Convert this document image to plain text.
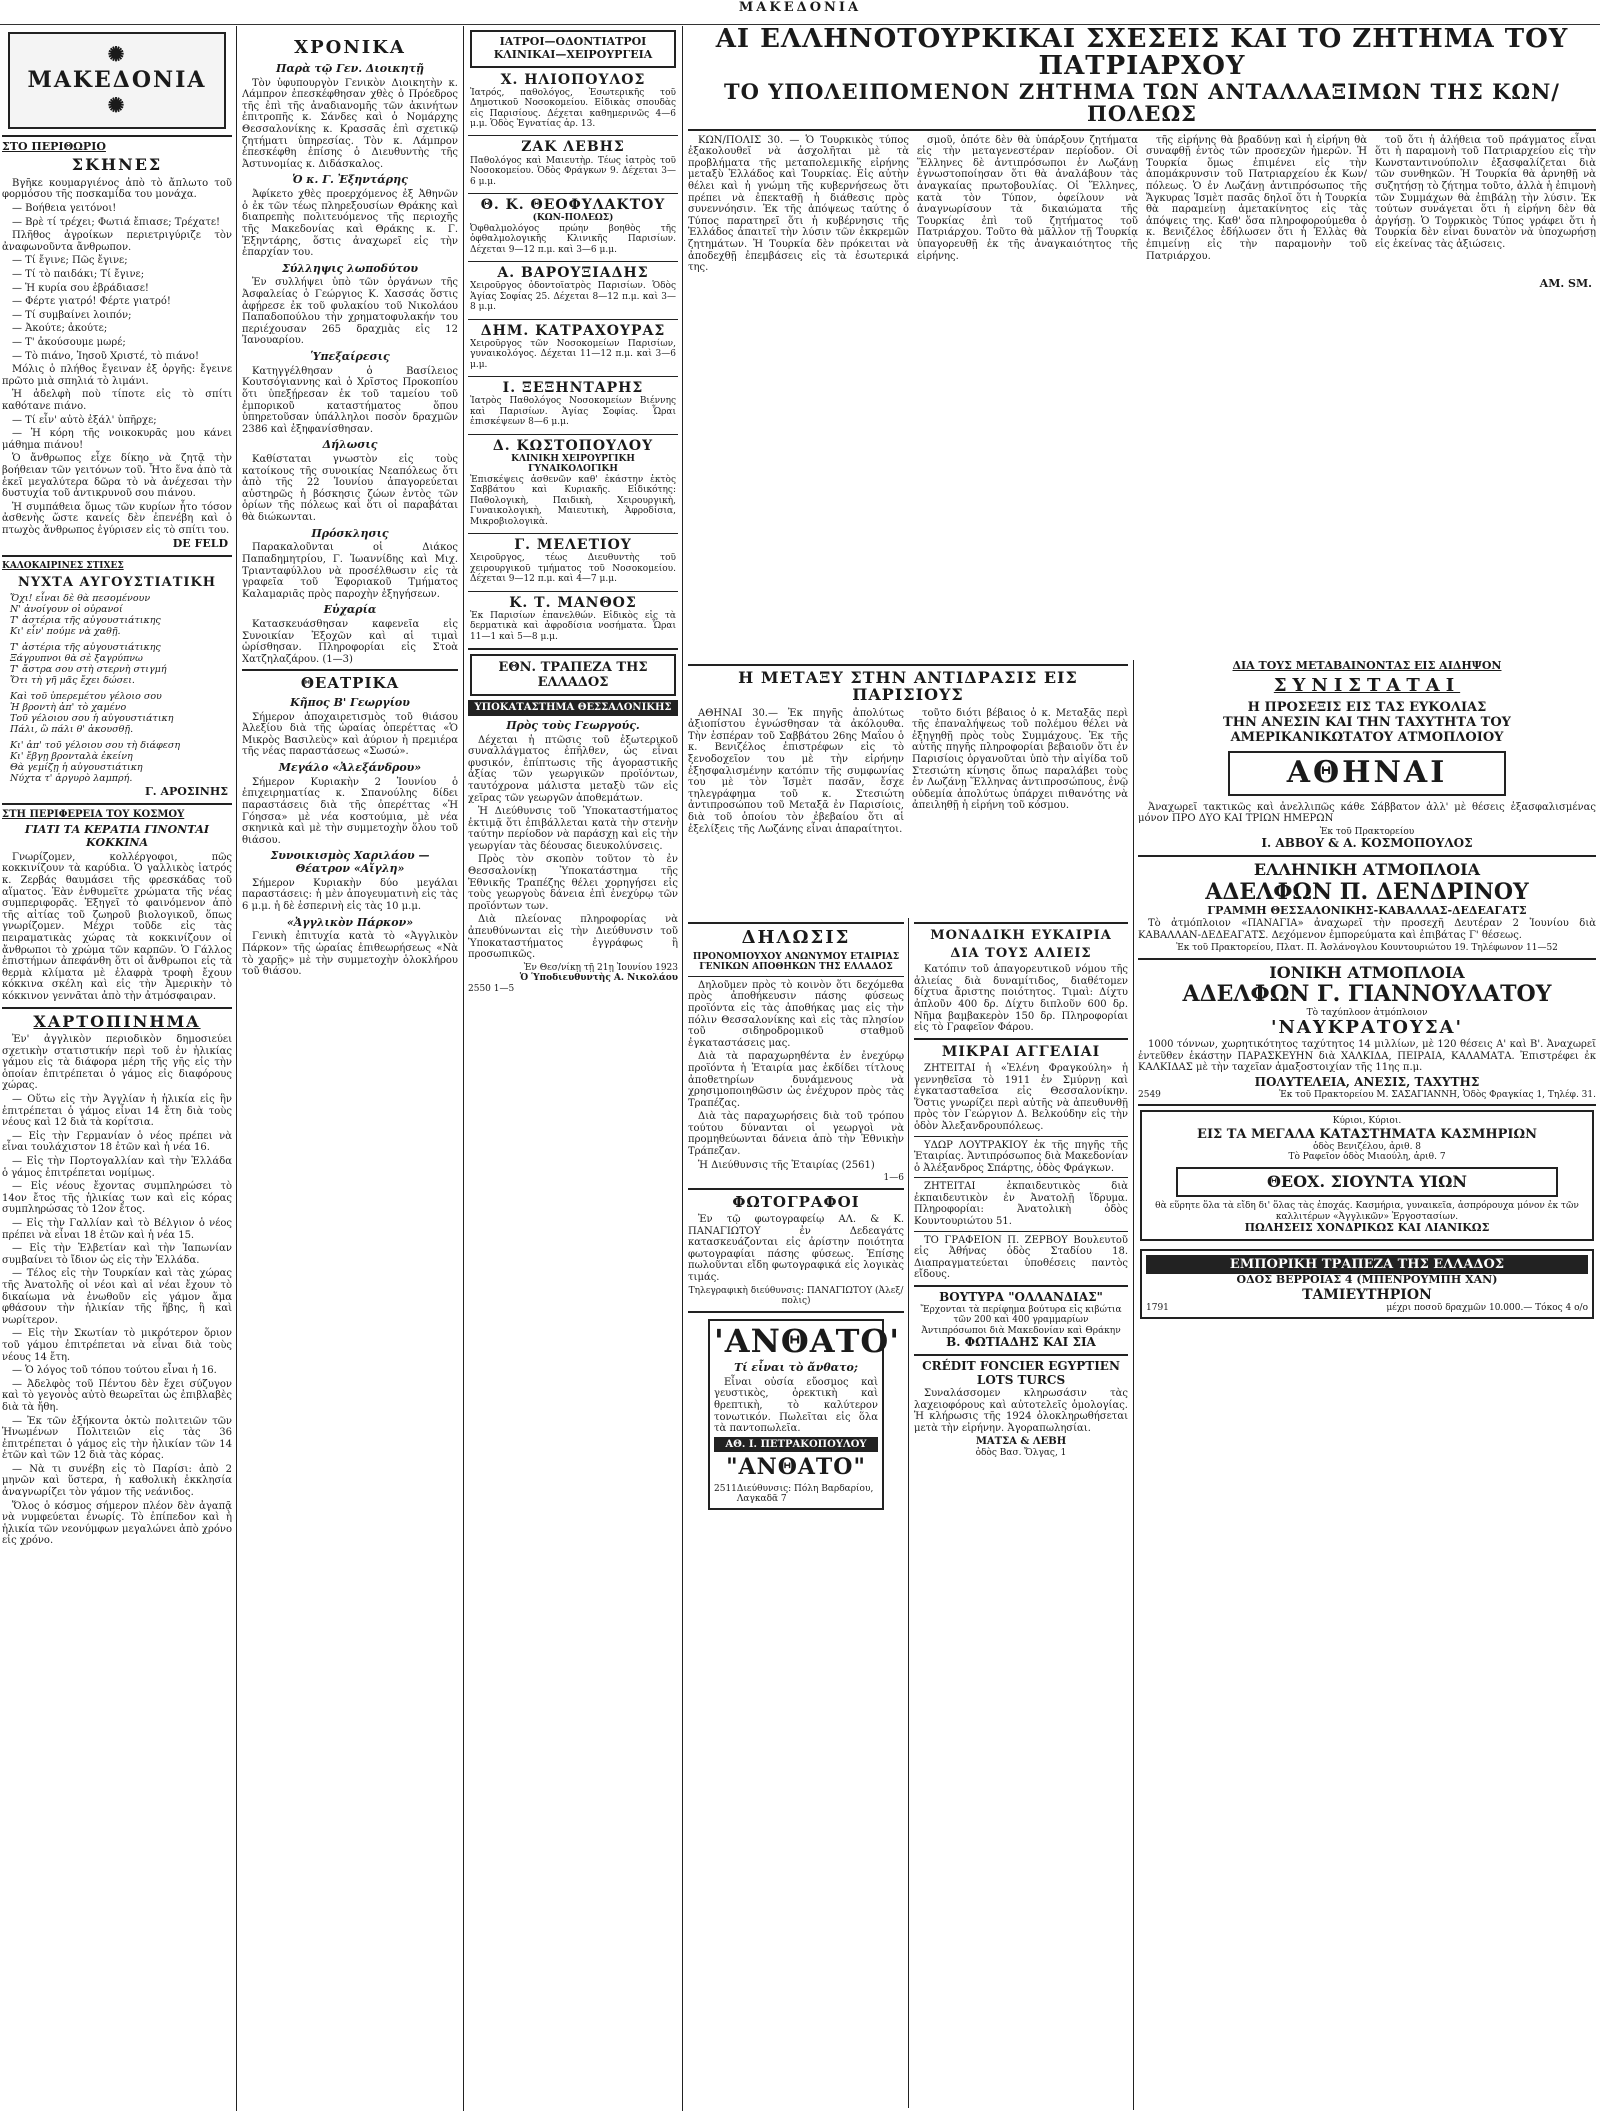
ΜΑΚΕΔΟΝΙΑ
✺ ΜΑΚΕΔΟΝΙΑ ✺
ΣΤΟ ΠΕΡΙΘΩΡΙΟ
ΣΚΗΝΕΣ

Βγῆκε κουμαργιένος ἀπὸ τὸ ἄπλωτο τοῦ φορμόσου τῆς ποσκαμίδα του μονάχα.

— Βοήθεια γειτόνοι!

— Βρὲ τί τρέχει; Φωτιά ἔπιασε; Τρέχατε!

Πλῆθος ἀγροίκων περιετριγύριζε τὸν ἀναφωνοῦντα ἄνθρωπον.

— Τί ἔγινε; Πῶς ἔγινε;

— Τί τὸ παιδάκι; Τί ἔγινε;

— Ἡ κυρία σου ἐβράδιασε!

— Φέρτε γιατρό! Φέρτε γιατρό!

— Τί συμβαίνει λοιπόν;

— Ἀκούτε; ἀκούτε;

— Τ' ἀκούσουμε μωρέ;

— Τὸ πιάνο, Ἰησοῦ Χριστέ, τὸ πιάνο!

Μόλις ὁ πλήθος ἔγειναν ἐξ ὀργῆς: ἔγεινε πρῶτο μιὰ σπηλιά τὸ λιμάνι.

Ἡ ἀδελφὴ ποὺ τίποτε εἰς τὸ σπίτι καθότανε πιάνο.

— Τί εἶν' αὐτὸ ἐξάλ' ὑπῆρχε;

— Ἡ κόρη τῆς νοικοκυρᾶς μου κάνει μάθημα πιάνου!

Ὁ ἄνθρωπος εἶχε δίκηο νὰ ζητᾷ τὴν βοήθειαν τῶν γειτόνων τοῦ. Ἦτο ἕνα ἀπὸ τὰ ἐκεῖ μεγαλύτερα δῶρα τὸ νὰ ἀνέχεσαι τὴν δυστυχία τοῦ ἀντικρυνοῦ σου πιάνου.

Ἡ συμπάθεια ὅμως τῶν κυρίων ἦτο τόσον ἀσθενὴς ὥστε κανείς δὲν ἐπενέβη καὶ ὁ πτωχὸς ἄνθρωπος ἐγύρισεν εἰς τὸ σπίτι του.

DE FELD
ΚΑΛΟΚΑΙΡΙΝΕΣ ΣΤΙΧΕΣ
ΝΥΧΤΑ ΑΥΓΟΥΣΤΙΑΤΙΚΗ
Ὅχι! εἶναι δὲ θὰ πεσομένουν
Ν' ἀνοίγουν οἱ οὐρανοί
Τ' ἀστέρια τῆς αὐγουστιάτικης
Κι' εἶν' πούμε νὰ χαθῇ.
Τ' ἀστέρια τῆς αὐγουστιάτικης
Ξάγρυπνοι θὰ σὲ ξαγρύπνω
Τ' ἄστρα σου στὴ στερνὴ στιγμή
Ὅτι τὴ γῆ μᾶς ἔχει δώσει.
Καὶ τοῦ ὑπερεμέτου γέλοιο σου
Ἡ βροντὴ ἀπ' τὸ χαμένο
Τοῦ γέλοιου σου ἡ αὐγουστιάτικη
Πάλι, ὢ πάλι θ' ἀκουσθῇ.
Κι' ἀπ' τοῦ γέλοιου σου τὴ διάφεση
Κι' ἔβγῃ βρονταλὰ ἐκείνη
Θὰ γεμίζῃ ἡ αὐγουστιάτικη
Νύχτα τ' ἀργυρὸ λαμπρή.
Γ. ΑΡΟΣΙΝΗΣ
ΣΤΗ ΠΕΡΙΦΕΡΕΙΑ ΤΟΥ ΚΟΣΜΟΥ
ΓΙΑΤΙ ΤΑ ΚΕΡΑΤΙΑ ΓΙΝΟΝΤΑΙ ΚΟΚΚΙΝΑ

Γνωρίζομεν, κολλέργοφοι, πῶς κοκκινίζουν τὰ καρύδια. Ὁ γαλλικὸς ἰατρός κ. Ζερβάς θαυμάσει τῆς φρεσκάδας τοῦ αἵματος. Ἐὰν ἐνθυμεῖτε χρώματα τῆς νέας συμπεριφορᾶς. Ἐξηγεῖ τὸ φαινόμενον ἀπὸ τῆς αἰτίας τοῦ ζωηροῦ βιολογικοῦ, ὅπως γνωρίζομεν. Μέχρι τοῦδε εἰς τὰς πειραματικὰς χώρας τὰ κοκκινίζουν οἱ ἄνθρωποι τὸ χρώμα τῶν καρπῶν. Ὁ Γάλλος ἐπιστήμων ἀπεφάνθη ὅτι οἱ ἄνθρωποι εἰς τὰ θερμὰ κλίματα μὲ ἐλαφρὰ τροφὴ ἔχουν κόκκινα σκέλη καὶ εἰς τὴν Ἀμερικὴν τὸ κόκκινον γεννᾶται ἀπὸ τὴν ἀτμόσφαιραν.

ΧΑΡΤΟΠΙΝΗΜΑ

Ἐν' ἀγγλικὸν περιοδικὸν δημοσιεύει σχετικὴν στατιστικήν περὶ τοῦ ἐν ἡλικίας γάμου εἰς τὰ διάφορα μέρη τῆς γῆς εἰς τὴν ὁποίαν ἐπιτρέπεται ὁ γάμος εἰς διαφόρους χώρας.

— Οὕτω εἰς τὴν Ἀγγλίαν ἡ ἡλικία εἰς ἣν ἐπιτρέπεται ὁ γάμος εἶναι 14 ἔτη διὰ τοὺς νέους καὶ 12 διὰ τὰ κορίτσια.

— Εἰς τὴν Γερμανίαν ὁ νέος πρέπει νὰ εἶναι τουλάχιστον 18 ἐτῶν καὶ ἡ νέα 16.

— Εἰς τὴν Πορτογαλλίαν καὶ τὴν Ἑλλάδα ὁ γάμος ἐπιτρέπεται νομίμως.

— Εἰς νέους ἔχοντας συμπληρώσει τὸ 14ον ἔτος τῆς ἡλικίας των καὶ εἰς κόρας συμπληρώσας τὸ 12ον ἔτος.

— Εἰς τὴν Γαλλίαν καὶ τὸ Βέλγιον ὁ νέος πρέπει νὰ εἶναι 18 ἐτῶν καὶ ἡ νέα 15.

— Εἰς τὴν Ἑλβετίαν καὶ τὴν Ἰαπωνίαν συμβαίνει τὸ ἴδιον ὡς εἰς τὴν Ἑλλάδα.

— Τέλος εἰς τὴν Τουρκίαν καὶ τὰς χώρας τῆς Ἀνατολῆς οἱ νέοι καὶ αἱ νέαι ἔχουν τὸ δικαίωμα νὰ ἐνωθοῦν εἰς γάμον ἅμα φθάσουν τὴν ἡλικίαν τῆς ἥβης, ἢ καὶ νωρίτερον.

— Εἰς τὴν Σκωτίαν τὸ μικρότερον ὅριον τοῦ γάμου ἐπιτρέπεται νὰ εἶναι διὰ τοὺς νέους 14 ἔτη.

— Ὁ λόγος τοῦ τόπου τούτου εἶναι ἡ 16.

— Ἀδελφὸς τοῦ Πέντου δὲν ἔχει σύζυγον καὶ τὸ γεγονὸς αὐτὸ θεωρεῖται ὡς ἐπιβλαβὲς διὰ τὰ ἤθη.

— Ἐκ τῶν ἐξήκοντα ὀκτὼ πολιτειῶν τῶν Ἡνωμένων Πολιτειῶν εἰς τὰς 36 ἐπιτρέπεται ὁ γάμος εἰς τὴν ἡλικίαν τῶν 14 ἐτῶν καὶ τῶν 12 διὰ τὰς κόρας.

— Νὰ τι συνέβη εἰς τὸ Παρίσι: ἀπὸ 2 μηνῶν καὶ ὕστερα, ἡ καθολικὴ ἐκκλησία ἀναγνωρίζει τὸν γάμον τῆς νεάνιδος.

Ὅλος ὁ κόσμος σήμερον πλέον δὲν ἀγαπᾷ νὰ νυμφεύεται ἐνωρίς. Τὸ ἐπίπεδον καὶ ἡ ἡλικία τῶν νεονύμφων μεγαλώνει ἀπὸ χρόνο εἰς χρόνο.

ΧΡΟΝΙΚΑ
Παρὰ τῷ Γεν. Διοικητῇ

Τὸν ὑφυπουργὸν Γενικὸν Διοικητὴν κ. Λάμπρον ἐπεσκέφθησαν χθὲς ὁ Πρόεδρος τῆς ἐπὶ τῆς ἀναδιανομῆς τῶν ἀκινήτων ἐπιτροπῆς κ. Σάνδες καὶ ὁ Νομάρχης Θεσσαλονίκης κ. Κρασσᾶς ἐπὶ σχετικῷ ζητήματι ὑπηρεσίας. Τὸν κ. Λάμπρον ἐπεσκέφθη ἐπίσης ὁ Διευθυντὴς τῆς Ἀστυνομίας κ. Διδάσκαλος.

Ὁ κ. Γ. Ἐξηντάρης

Ἀφίκετο χθὲς προερχόμενος ἐξ Ἀθηνῶν ὁ ἐκ τῶν τέως πληρεξουσίων Θράκης καὶ διαπρεπὴς πολιτευόμενος τῆς περιοχῆς τῆς Μακεδονίας καὶ Θράκης κ. Γ. Ἐξηντάρης, ὅστις ἀναχωρεῖ εἰς τὴν ἐπαρχίαν του.

Σύλληψις λωποδύτου

Ἐν συλλήψει ὑπὸ τῶν ὀργάνων τῆς Ἀσφαλείας ὁ Γεώργιος Κ. Χασσάς ὅστις ἀφῄρεσε ἐκ τοῦ φυλακίου τοῦ Νικολάου Παπαδοπούλου τὴν χρηματοφυλακήν του περιέχουσαν 265 δραχμὰς εἰς 12 Ἰανουαρίου.

Ὑπεξαίρεσις

Κατηγγέλθησαν ὁ Βασίλειος Κουτσόγιαννης καὶ ὁ Χρῖστος Προκοπίου ὅτι ὑπεξῄρεσαν ἐκ τοῦ ταμείου τοῦ ἐμπορικοῦ καταστήματος ὅπου ὑπηρετοῦσαν ὑπάλληλοι ποσὸν δραχμῶν 2386 καὶ ἐξηφανίσθησαν.

Δήλωσις

Καθίσταται γνωστὸν εἰς τοὺς κατοίκους τῆς συνοικίας Νεαπόλεως ὅτι ἀπὸ τῆς 22 Ἰουνίου ἀπαγορεύεται αὐστηρῶς ἡ βόσκησις ζώων ἐντὸς τῶν ὁρίων τῆς πόλεως καὶ ὅτι οἱ παραβάται θὰ διώκωνται.

Πρόσκλησις

Παρακαλοῦνται οἱ Διάκος Παπαδημητρίου, Γ. Ἰωαννίδης καὶ Μιχ. Τριανταφύλλου νὰ προσέλθωσιν εἰς τὰ γραφεῖα τοῦ Ἐφοριακοῦ Τμήματος Καλαμαριᾶς πρὸς παροχὴν ἐξηγήσεων.

Εὐχαρία

Κατασκευάσθησαν καφενεῖα εἰς Συνοικίαν Ἐξοχῶν καὶ αἱ τιμαὶ ὡρίσθησαν. Πληροφορίαι εἰς Στοὰ Χατζηλαζάρου. (1—3)

ΘΕΑΤΡΙΚΑ
Κῆπος Β' Γεωργίου

Σήμερον ἀποχαιρετισμὸς τοῦ θιάσου Ἀλεξίου διὰ τῆς ὡραίας ὀπερέττας «Ὁ Μικρὸς Βασιλεὺς» καὶ ἀύριον ἡ πρεμιέρα τῆς νέας παραστάσεως «Σωσώ».

Μεγάλο «Ἀλεξάνδρου»

Σήμερον Κυριακὴν 2 Ἰουνίου ὁ ἐπιχειρηματίας κ. Σπανούλης δίδει παραστάσεις διὰ τῆς ὀπερέττας «Ἡ Γόησσα» μὲ νέα κοστούμια, μὲ νέα σκηνικὰ καὶ μὲ τὴν συμμετοχὴν ὅλου τοῦ θιάσου.

Συνοικισμὸς Χαριλάου — Θέατρον «Αἴγλη»

Σήμερον Κυριακὴν δύο μεγάλαι παραστάσεις: ἡ μὲν ἀπογευματινὴ εἰς τὰς 6 μ.μ. ἡ δὲ ἑσπερινὴ εἰς τὰς 10 μ.μ.

«Ἀγγλικὸν Πάρκον»

Γενικὴ ἐπιτυχία κατὰ τὸ «Ἀγγλικὸν Πάρκον» τῆς ὡραίας ἐπιθεωρήσεως «Νὰ τὸ χαρῇς» μὲ τὴν συμμετοχὴν ὁλοκλήρου τοῦ θιάσου.

ΙΑΤΡΟΙ—ΟΔΟΝΤΙΑΤΡΟΙ ΚΛΙΝΙΚΑΙ—ΧΕΙΡΟΥΡΓΕΙΑ
Χ. ΗΛΙΟΠΟΥΛΟΣ
Ἰατρός, παθολόγος, Ἐσωτερικῆς τοῦ Δημοτικοῦ Νοσοκομείου. Εἰδικὰς σπουδὰς εἰς Παρισίους. Δέχεται καθημερινῶς 4—6 μ.μ. Ὁδὸς Ἐγνατίας ἀρ. 13.
ΖΑΚ ΛΕΒΗΣ
Παθολόγος καὶ Μαιευτὴρ. Τέως ἰατρὸς τοῦ Νοσοκομείου. Ὁδὸς Φράγκων 9. Δέχεται 3—6 μ.μ.
Θ. Κ. ΘΕΟΦΥΛΑΚΤΟΥ
(ΚΩΝ-ΠΟΛΕΩΣ)
Ὀφθαλμολόγος πρώην βοηθὸς τῆς ὀφθαλμολογικῆς Κλινικῆς Παρισίων. Δέχεται 9—12 π.μ. καὶ 3—6 μ.μ.
Α. ΒΑΡΟΥΞΙΑΔΗΣ
Χειροῦργος ὀδοντοϊατρὸς Παρισίων. Ὁδὸς Ἁγίας Σοφίας 25. Δέχεται 8—12 π.μ. καὶ 3—8 μ.μ.
ΔΗΜ. ΚΑΤΡΑΧΟΥΡΑΣ
Χειροῦργος τῶν Νοσοκομείων Παρισίων, γυναικολόγος. Δέχεται 11—12 π.μ. καὶ 3—6 μ.μ.
Ι. ΞΕΞΗΝΤΑΡΗΣ
Ἰατρὸς Παθολόγος Νοσοκομείων Βιέννης καὶ Παρισίων. Ἁγίας Σοφίας. Ὧραι ἐπισκέψεων 8—6 μ.μ.
Δ. ΚΩΣΤΟΠΟΥΛΟΥ
ΚΛΙΝΙΚΗ ΧΕΙΡΟΥΡΓΙΚΗ ΓΥΝΑΙΚΟΛΟΓΙΚΗ
Ἐπισκέψεις ἀσθενῶν καθ' ἑκάστην ἐκτὸς Σαββάτου καὶ Κυριακῆς. Εἰδικότης: Παθολογικὴ, Παιδικὴ, Χειρουργικὴ, Γυναικολογικὴ, Μαιευτικὴ, Ἀφροδίσια, Μικροβιολογικὰ.
Γ. ΜΕΛΕΤΙΟΥ
Χειροῦργος, τέως Διευθυντὴς τοῦ χειρουργικοῦ τμήματος τοῦ Νοσοκομείου. Δέχεται 9—12 π.μ. καὶ 4—7 μ.μ.
Κ. Τ. ΜΑΝΘΟΣ
Ἐκ Παρισίων ἐπανελθών. Εἰδικὸς εἰς τὰ δερματικὰ καὶ ἀφροδίσια νοσήματα. Ὧραι 11—1 καὶ 5—8 μ.μ.
ΕΘΝ. ΤΡΑΠΕΖΑ ΤΗΣ ΕΛΛΑΔΟΣ
ΥΠΟΚΑΤΑΣΤΗΜΑ ΘΕΣΣΑΛΟΝΙΚΗΣ
Πρὸς τοὺς Γεωργούς.

Δέχεται ἡ πτῶσις τοῦ ἐξωτερικοῦ συναλλάγματος ἐπῆλθεν, ὡς εἶναι φυσικόν, ἐπίπτωσις τῆς ἀγοραστικῆς ἀξίας τῶν γεωργικῶν προϊόντων, ταυτόχρονα μάλιστα μεταξὺ τῶν εἰς χεῖρας τῶν γεωργῶν ἀποθεμάτων.

Ἡ Διεύθυνσις τοῦ Ὑποκαταστήματος ἐκτιμᾷ ὅτι ἐπιβάλλεται κατὰ τὴν στενὴν ταύτην περίοδον νὰ παράσχῃ καὶ εἰς τὴν γεωργίαν τὰς δέουσας διευκολύνσεις.

Πρὸς τὸν σκοπὸν τοῦτον τὸ ἐν Θεσσαλονίκῃ Ὑποκατάστημα τῆς Ἐθνικῆς Τραπέζης θέλει χορηγήσει εἰς τοὺς γεωργοὺς δάνεια ἐπὶ ἐνεχύρῳ τῶν προϊόντων των.

Διὰ πλείονας πληροφορίας νὰ ἀπευθύνωνται εἰς τὴν Διεύθυνσιν τοῦ Ὑποκαταστήματος ἐγγράφως ἢ προσωπικῶς.

Ἐν Θεσ/νίκῃ τῇ 21ῃ Ἰουνίου 1923
Ὁ Ὑποδιευθυντὴς Α. Νικολάου
2550 1—5
ΑΙ ΕΛΛΗΝΟΤΟΥΡΚΙΚΑΙ ΣΧΕΣΕΙΣ ΚΑΙ ΤΟ ΖΗΤΗΜΑ ΤΟΥ ΠΑΤΡΙΑΡΧΟΥ
ΤΟ ΥΠΟΛΕΙΠΟΜΕΝΟΝ ΖΗΤΗΜΑ ΤΩΝ ΑΝΤΑΛΛΑΞΙΜΩΝ ΤΗΣ ΚΩΝ/ΠΟΛΕΩΣ

ΚΩΝ/ΠΟΛΙΣ 30. — Ὁ Τουρκικὸς τύπος ἐξακολουθεῖ νὰ ἀσχολῆται μὲ τὰ προβλήματα τῆς μεταπολεμικῆς εἰρήνης μεταξὺ Ἑλλάδος καὶ Τουρκίας. Εἰς αὐτὴν θέλει καὶ ἡ γνώμη τῆς κυβερνήσεως ὅτι πρέπει νὰ ἐπεκταθῇ ἡ διάθεσις πρὸς συνεννόησιν. Ἐκ τῆς ἀπόψεως ταύτης ὁ Τύπος παρατηρεῖ ὅτι ἡ κυβέρνησις τῆς Ἑλλάδος ἀπαιτεῖ τὴν λύσιν τῶν ἐκκρεμῶν ζητημάτων. Ἡ Τουρκία δὲν πρόκειται νὰ ἀποδεχθῇ ἐπεμβάσεις εἰς τὰ ἐσωτερικά της.

σμοῦ, ὁπότε δὲν θὰ ὑπάρξουν ζητήματα εἰς τὴν μεταγενεστέραν περίοδον. Οἱ Ἕλληνες δὲ ἀντιπρόσωποι ἐν Λωζάνῃ ἐγνωστοποίησαν ὅτι θὰ ἀναλάβουν τὰς ἀναγκαίας πρωτοβουλίας. Οἱ Ἕλληνες, κατὰ τὸν Τύπον, ὀφείλουν νὰ ἀναγνωρίσουν τὰ δικαιώματα τῆς Τουρκίας ἐπὶ τοῦ ζητήματος τοῦ Πατριάρχου. Τοῦτο θὰ μᾶλλον τῇ Τουρκίᾳ ὑπαγορευθῇ ἐκ τῆς ἀναγκαιότητος τῆς εἰρήνης.

τῆς εἰρήνης θὰ βραδύνῃ καὶ ἡ εἰρήνη θὰ συναφθῇ ἐντὸς τῶν προσεχῶν ἡμερῶν. Ἡ Τουρκία ὅμως ἐπιμένει εἰς τὴν ἀπομάκρυνσιν τοῦ Πατριαρχείου ἐκ Κων/πόλεως. Ὁ ἐν Λωζάνῃ ἀντιπρόσωπος τῆς Ἄγκυρας Ἰσμὲτ πασᾶς δηλοῖ ὅτι ἡ Τουρκία θὰ παραμείνῃ ἀμετακίνητος εἰς τὰς ἀπόψεις της. Καθ' ὅσα πληροφορούμεθα ὁ κ. Βενιζέλος ἐδήλωσεν ὅτι ἡ Ἑλλὰς θὰ ἐπιμείνῃ εἰς τὴν παραμονὴν τοῦ Πατριάρχου.

τοῦ ὅτι ἡ ἀλήθεια τοῦ πράγματος εἶναι ὅτι ἡ παραμονὴ τοῦ Πατριαρχείου εἰς τὴν Κωνσταντινούπολιν ἐξασφαλίζεται διὰ τῶν συνθηκῶν. Ἡ Τουρκία θὰ ἀρνηθῇ νὰ συζητήσῃ τὸ ζήτημα τοῦτο, ἀλλὰ ἡ ἐπιμονὴ τῶν Συμμάχων θὰ ἐπιβάλῃ τὴν λύσιν. Ἐκ τούτων συνάγεται ὅτι ἡ εἰρήνη δὲν θὰ ἀργήσῃ. Ὁ Τουρκικὸς Τύπος γράφει ὅτι ἡ Τουρκία δὲν εἶναι δυνατὸν νὰ ὑποχωρήσῃ εἰς ἐκείνας τὰς ἀξιώσεις.

ΑΜ. SM.
Η ΜΕΤΑΞΥ ΣΤΗΝ ΑΝΤΙΔΡΑΣΙΣ ΕΙΣ ΠΑΡΙΣΙΟΥΣ

ΑΘΗΝΑΙ 30.— Ἐκ πηγῆς ἀπολύτως ἀξιοπίστου ἐγνώσθησαν τὰ ἀκόλουθα. Τὴν ἑσπέραν τοῦ Σαββάτου 26ης Μαΐου ὁ κ. Βενιζέλος ἐπιστρέφων εἰς τὸ ξενοδοχεῖον του μὲ τὴν εἰρήνην ἐξησφαλισμένην κατόπιν τῆς συμφωνίας του μὲ τὸν Ἰσμὲτ πασᾶν, ἔσχε τηλεγράφημα τοῦ κ. Στεσιώτη ἀντιπροσώπου τοῦ Μεταξᾶ ἐν Παρισίοις, διὰ τοῦ ὁποίου τὸν ἐβεβαίου ὅτι αἱ ἐξελίξεις τῆς Λωζάνης εἶναι ἀπαραίτητοι.

τοῦτο διότι βέβαιος ὁ κ. Μεταξᾶς περὶ τῆς ἐπαναλήψεως τοῦ πολέμου θέλει νὰ ἐξηγηθῇ πρὸς τοὺς Συμμάχους. Ἐκ τῆς αὐτῆς πηγῆς πληροφορίαι βεβαιοῦν ὅτι ἐν Παρισίοις ὀργανοῦται ὑπὸ τὴν αἰγίδα τοῦ Στεσιώτη κίνησις ὅπως παραλάβει τοὺς ἐν Λωζάνῃ Ἕλληνας ἀντιπροσώπους, ἐνῷ οὐδεμία ἀπολύτως ὑπάρχει πιθανότης νὰ ἀπειληθῇ ἡ εἰρήνη τοῦ κόσμου.

ΔΗΛΩΣΙΣ
ΠΡΟΝΟΜΙΟΥΧΟΥ ΑΝΩΝΥΜΟΥ ΕΤΑΙΡΙΑΣ ΓΕΝΙΚΩΝ ΑΠΟΘΗΚΩΝ ΤΗΣ ΕΛΛΑΔΟΣ

Δηλοῦμεν πρὸς τὸ κοινὸν ὅτι δεχόμεθα πρὸς ἀποθήκευσιν πάσης φύσεως προϊόντα εἰς τὰς ἀποθήκας μας εἰς τὴν πόλιν Θεσσαλονίκης καὶ εἰς τὰς πλησίον τοῦ σιδηροδρομικοῦ σταθμοῦ ἐγκαταστάσεις μας.

Διὰ τὰ παραχωρηθέντα ἐν ἐνεχύρῳ προϊόντα ἡ Ἑταιρία μας ἐκδίδει τίτλους ἀποθετηρίων δυνάμενους νὰ χρησιμοποιηθῶσιν ὡς ἐνέχυρον πρὸς τὰς Τραπέζας.

Διὰ τὰς παραχωρήσεις διὰ τοῦ τρόπου τούτου δύνανται οἱ γεωργοὶ νὰ προμηθεύωνται δάνεια ἀπὸ τὴν Ἐθνικὴν Τράπεζαν.

Ἡ Διεύθυνσις τῆς Ἑταιρίας (2561)

1—6
ΦΩΤΟΓΡΑΦΟΙ

Ἐν τῷ φωτογραφείῳ ΑΛ. & Κ. ΠΑΝΑΓΙΩΤΟΥ ἐν Δεδεαγάτς κατασκευάζονται εἰς ἀρίστην ποιότητα φωτογραφίαι πάσης φύσεως. Ἐπίσης πωλοῦνται εἴδη φωτογραφικά εἰς λογικὰς τιμάς.

Τηλεγραφικὴ διεύθυνσις: ΠΑΝΑΓΙΩΤΟΥ (Ἀλεξ/πολις)
'ΑΝΘΑΤΟ'
Τί εἶναι τὸ ἄνθατο;

Εἶναι οὐσία εὔοσμος καὶ γευστικὸς, ὀρεκτικὴ καὶ θρεπτικὴ, τὸ καλύτερον τονωτικόν. Πωλεῖται εἰς ὅλα τὰ παντοπωλεῖα.

ΑΘ. Ι. ΠΕΤΡΑΚΟΠΟΥΛΟΥ
"ΑΝΘΑΤΟ"
2511 Διεύθυνσις: Πόλη Βαρδαρίου, Λαγκαδᾶ 7
ΜΟΝΑΔΙΚΗ ΕΥΚΑΙΡΙΑ
ΔΙΑ ΤΟΥΣ ΑΛΙΕΙΣ

Κατόπιν τοῦ ἀπαγορευτικοῦ νόμου τῆς ἁλιείας διὰ δυναμίτιδος, διαθέτομεν δίχτυα ἄριστης ποιότητος. Τιμαὶ: Δίχτυ ἀπλοῦν 400 δρ. Δίχτυ διπλοῦν 600 δρ. Νῆμα βαμβακερὸν 150 δρ. Πληροφορίαι εἰς τὸ Γραφεῖον Φάρου.

ΜΙΚΡΑΙ ΑΓΓΕΛΙΑΙ

ΖΗΤΕΙΤΑΙ ἡ «Ἑλένη Φραγκούλη» ἡ γεννηθεῖσα τὸ 1911 ἐν Σμύρνῃ καὶ ἐγκατασταθεῖσα εἰς Θεσσαλονίκην. Ὅστις γνωρίζει περὶ αὐτῆς νὰ ἀπευθυνθῇ πρὸς τὸν Γεώργιον Δ. Βελκούδην εἰς τὴν ὁδὸν Ἀλεξανδρουπόλεως.

ΥΔΩΡ ΛΟΥΤΡΑΚΙΟΥ ἐκ τῆς πηγῆς τῆς Ἑταιρίας. Ἀντιπρόσωπος διὰ Μακεδονίαν ὁ Ἀλέξανδρος Σπάρτης, ὁδὸς Φράγκων.

ΖΗΤΕΙΤΑΙ ἐκπαιδευτικὸς διὰ ἐκπαιδευτικὸν ἐν Ἀνατολῇ ἵδρυμα. Πληροφορίαι: Ἀνατολικὴ ὁδὸς Κουντουριώτου 51.

ΤΟ ΓΡΑΦΕΙΟΝ Π. ΖΕΡΒΟΥ Βουλευτοῦ εἰς Ἀθήνας ὁδὸς Σταδίου 18. Διαπραγματεύεται ὑποθέσεις παντὸς εἴδους.

ΒΟΥΤΥΡΑ "ΟΛΛΑΝΔΙΑΣ"
Ἔρχονται τὰ περίφημα βούτυρα εἰς κιβώτια τῶν 200 καὶ 400 γραμμαρίων
Ἀντιπρόσωποι διὰ Μακεδονίαν καὶ Θράκην
Β. ΦΩΤΙΑΔΗΣ ΚΑΙ ΣΙΑ
CRÉDIT FONCIER EGYPTIEN
LOTS TURCS

Συναλάσσομεν κληρωσάσιν τὰς λαχειοφόρους καὶ αὐτοτελεῖς ὁμολογίας. Ἡ κλήρωσις τῆς 1924 ὁλοκληρωθήσεται μετὰ τὴν εἰρήνην. Ἀγοραπωλησίαι.

ΜΑΤΣΑ & ΛΕΒΗ
ὁδὸς Βασ. Ὄλγας, 1
ΔΙΑ ΤΟΥΣ ΜΕΤΑΒΑΙΝΟΝΤΑΣ ΕΙΣ ΑΙΔΗΨΟΝ
ΣΥΝΙΣΤΑΤΑΙ
Η ΠΡΟΣΕΞΙΣ ΕΙΣ ΤΑΣ ΕΥΚΟΛΙΑΣ
ΤΗΝ ΑΝΕΣΙΝ ΚΑΙ ΤΗΝ ΤΑΧΥΤΗΤΑ ΤΟΥ
ΑΜΕΡΙΚΑΝΙΚΩΤΑΤΟΥ ΑΤΜΟΠΛΟΙΟΥ
ΑΘΗΝΑΙ

Ἀναχωρεῖ τακτικῶς καὶ ἀνελλιπῶς κάθε Σάββατον ἀλλ' μὲ θέσεις ἐξασφαλισμένας μόνον ΠΡΟ ΔΥΟ ΚΑΙ ΤΡΙΩΝ ΗΜΕΡΩΝ

Ἐκ τοῦ Πρακτορείου
Ι. ΑΒΒΟΥ & Α. ΚΟΣΜΟΠΟΥΛΟΣ
ΕΛΛΗΝΙΚΗ ΑΤΜΟΠΛΟΙΑ
ΑΔΕΛΦΩΝ Π. ΔΕΝΔΡΙΝΟΥ
ΓΡΑΜΜΗ ΘΕΣΣΑΛΟΝΙΚΗΣ-ΚΑΒΑΛΛΑΣ-ΔΕΔΕΑΓΑΤΣ

Τὸ ἀτμόπλοιον «ΠΑΝΑΓΙΑ» ἀναχωρεῖ τὴν προσεχῆ Δευτέραν 2 Ἰουνίου διὰ ΚΑΒΑΛΛΑΝ-ΔΕΔΕΑΓΑΤΣ. Δεχόμενον ἐμπορεύματα καὶ ἐπιβάτας Γ' θέσεως.

Ἐκ τοῦ Πρακτορείου, Πλατ. Π. Ἀσλάνογλου Κουντουριώτου 19. Τηλέφωνον 11—52
ΙΟΝΙΚΗ ΑΤΜΟΠΛΟΙΑ
ΑΔΕΛΦΩΝ Γ. ΓΙΑΝΝΟΥΛΑΤΟΥ
Τὸ ταχύπλοον ἀτμόπλοιον
'ΝΑΥΚΡΑΤΟΥΣΑ'

1000 τόννων, χωρητικότητος ταχύτητος 14 μιλλίων, μὲ 120 θέσεις Α' καὶ Β'. Ἀναχωρεῖ ἐντεῦθεν ἑκάστην ΠΑΡΑΣΚΕΥΗΝ διὰ ΧΑΛΚΙΔΑ, ΠΕΙΡΑΙΑ, ΚΑΛΑΜΑΤΑ. Ἐπιστρέφει ἐκ ΚΑΛΚΙΔΑΣ μὲ τὴν ταχεῖαν ἁμαξοστοιχίαν τῆς 11ης π.μ.

ΠΟΛΥΤΕΛΕΙΑ, ΑΝΕΣΙΣ, ΤΑΧΥΤΗΣ
2549	Ἐκ τοῦ Πρακτορείου Μ. ΣΑΣΑΓΙΑΝΝΗ, Ὁδὸς Φραγκίας 1, Τηλέφ. 31.
Κύριοι, Κύριοι.
ΕΙΣ ΤΑ ΜΕΓΑΛΑ ΚΑΤΑΣΤΗΜΑΤΑ ΚΑΣΜΗΡΙΩΝ
ὁδὸς Βενιζέλου, ἀριθ. 8
Τὸ Ραφεῖον ὁδὸς Μιαούλη, ἀριθ. 7
ΘΕΟΧ. ΣΙΟΥΝΤΑ ΥΙΩΝ
θὰ εὕρητε ὅλα τὰ εἴδη δι' ὅλας τὰς ἐποχάς. Κασμήρια, γυναικεῖα, ἀσπρόρουχα μόνον ἐκ τῶν καλλιτέρων «Ἀγγλικῶν» Ἐργοστασίων.
ΠΩΛΗΣΕΙΣ ΧΟΝΔΡΙΚΩΣ ΚΑΙ ΛΙΑΝΙΚΩΣ
ΕΜΠΟΡΙΚΗ ΤΡΑΠΕΖΑ ΤΗΣ ΕΛΛΑΔΟΣ
ΟΔΟΣ ΒΕΡΡΟΙΑΣ 4 (ΜΠΕΝΡΟΥΜΠΗ ΧΑΝ)
ΤΑΜΙΕΥΤΗΡΙΟΝ
1791	μέχρι ποσοῦ δραχμῶν 10.000.— Τόκος 4 ο/ο
